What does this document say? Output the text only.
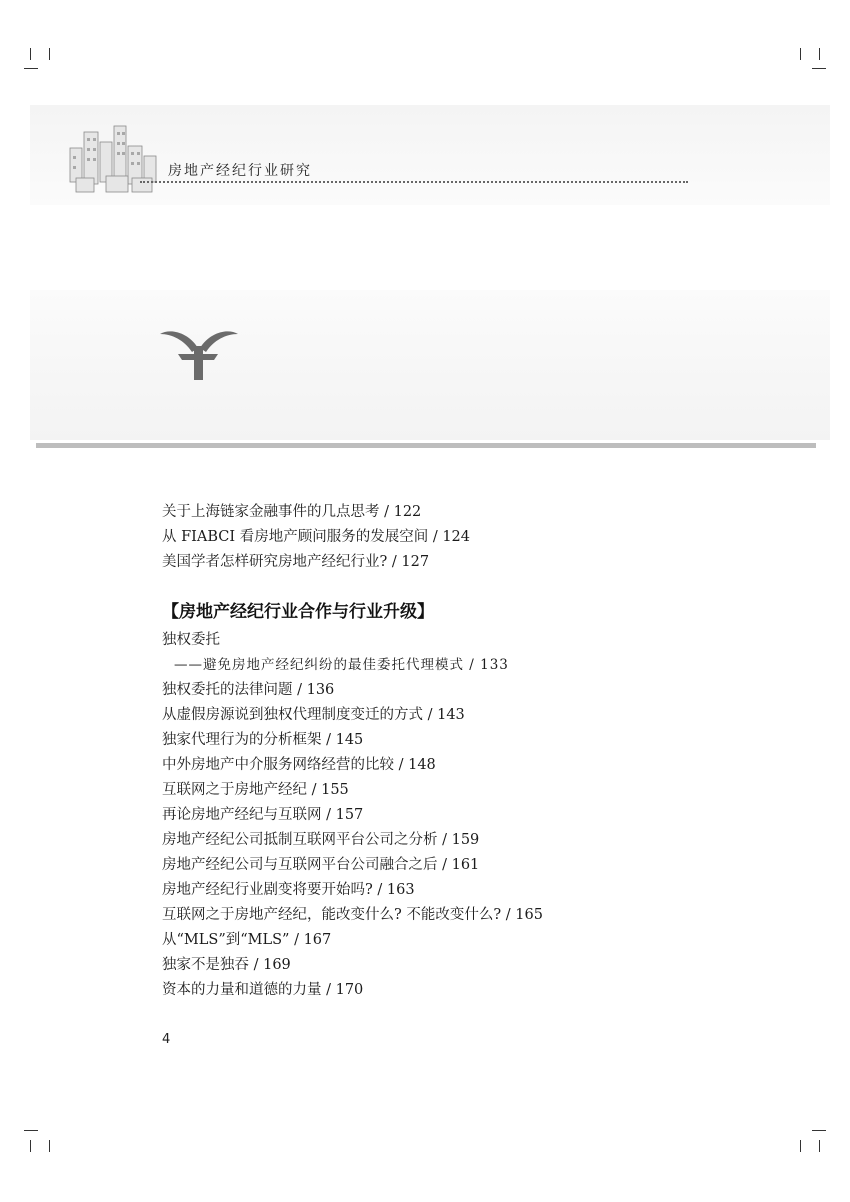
房地产经纪行业研究
关于上海链家金融事件的几点思考 / 122
从 FIABCI 看房地产顾问服务的发展空间 / 124
美国学者怎样研究房地产经纪行业? / 127
独权委托
——避免房地产经纪纠纷的最佳委托代理模式 / 133
独权委托的法律问题 / 136
从虚假房源说到独权代理制度变迁的方式 / 143
独家代理行为的分析框架 / 145
中外房地产中介服务网络经营的比较 / 148
互联网之于房地产经纪 / 155
再论房地产经纪与互联网 / 157
房地产经纪公司抵制互联网平台公司之分析 / 159
房地产经纪公司与互联网平台公司融合之后 / 161
房地产经纪行业剧变将要开始吗? / 163
互联网之于房地产经纪，能改变什么? 不能改变什么? / 165
从“MLS”到“MLS” / 167
独家不是独吞 / 169
资本的力量和道德的力量 / 170
【房地产经纪行业合作与行业升级】
4
